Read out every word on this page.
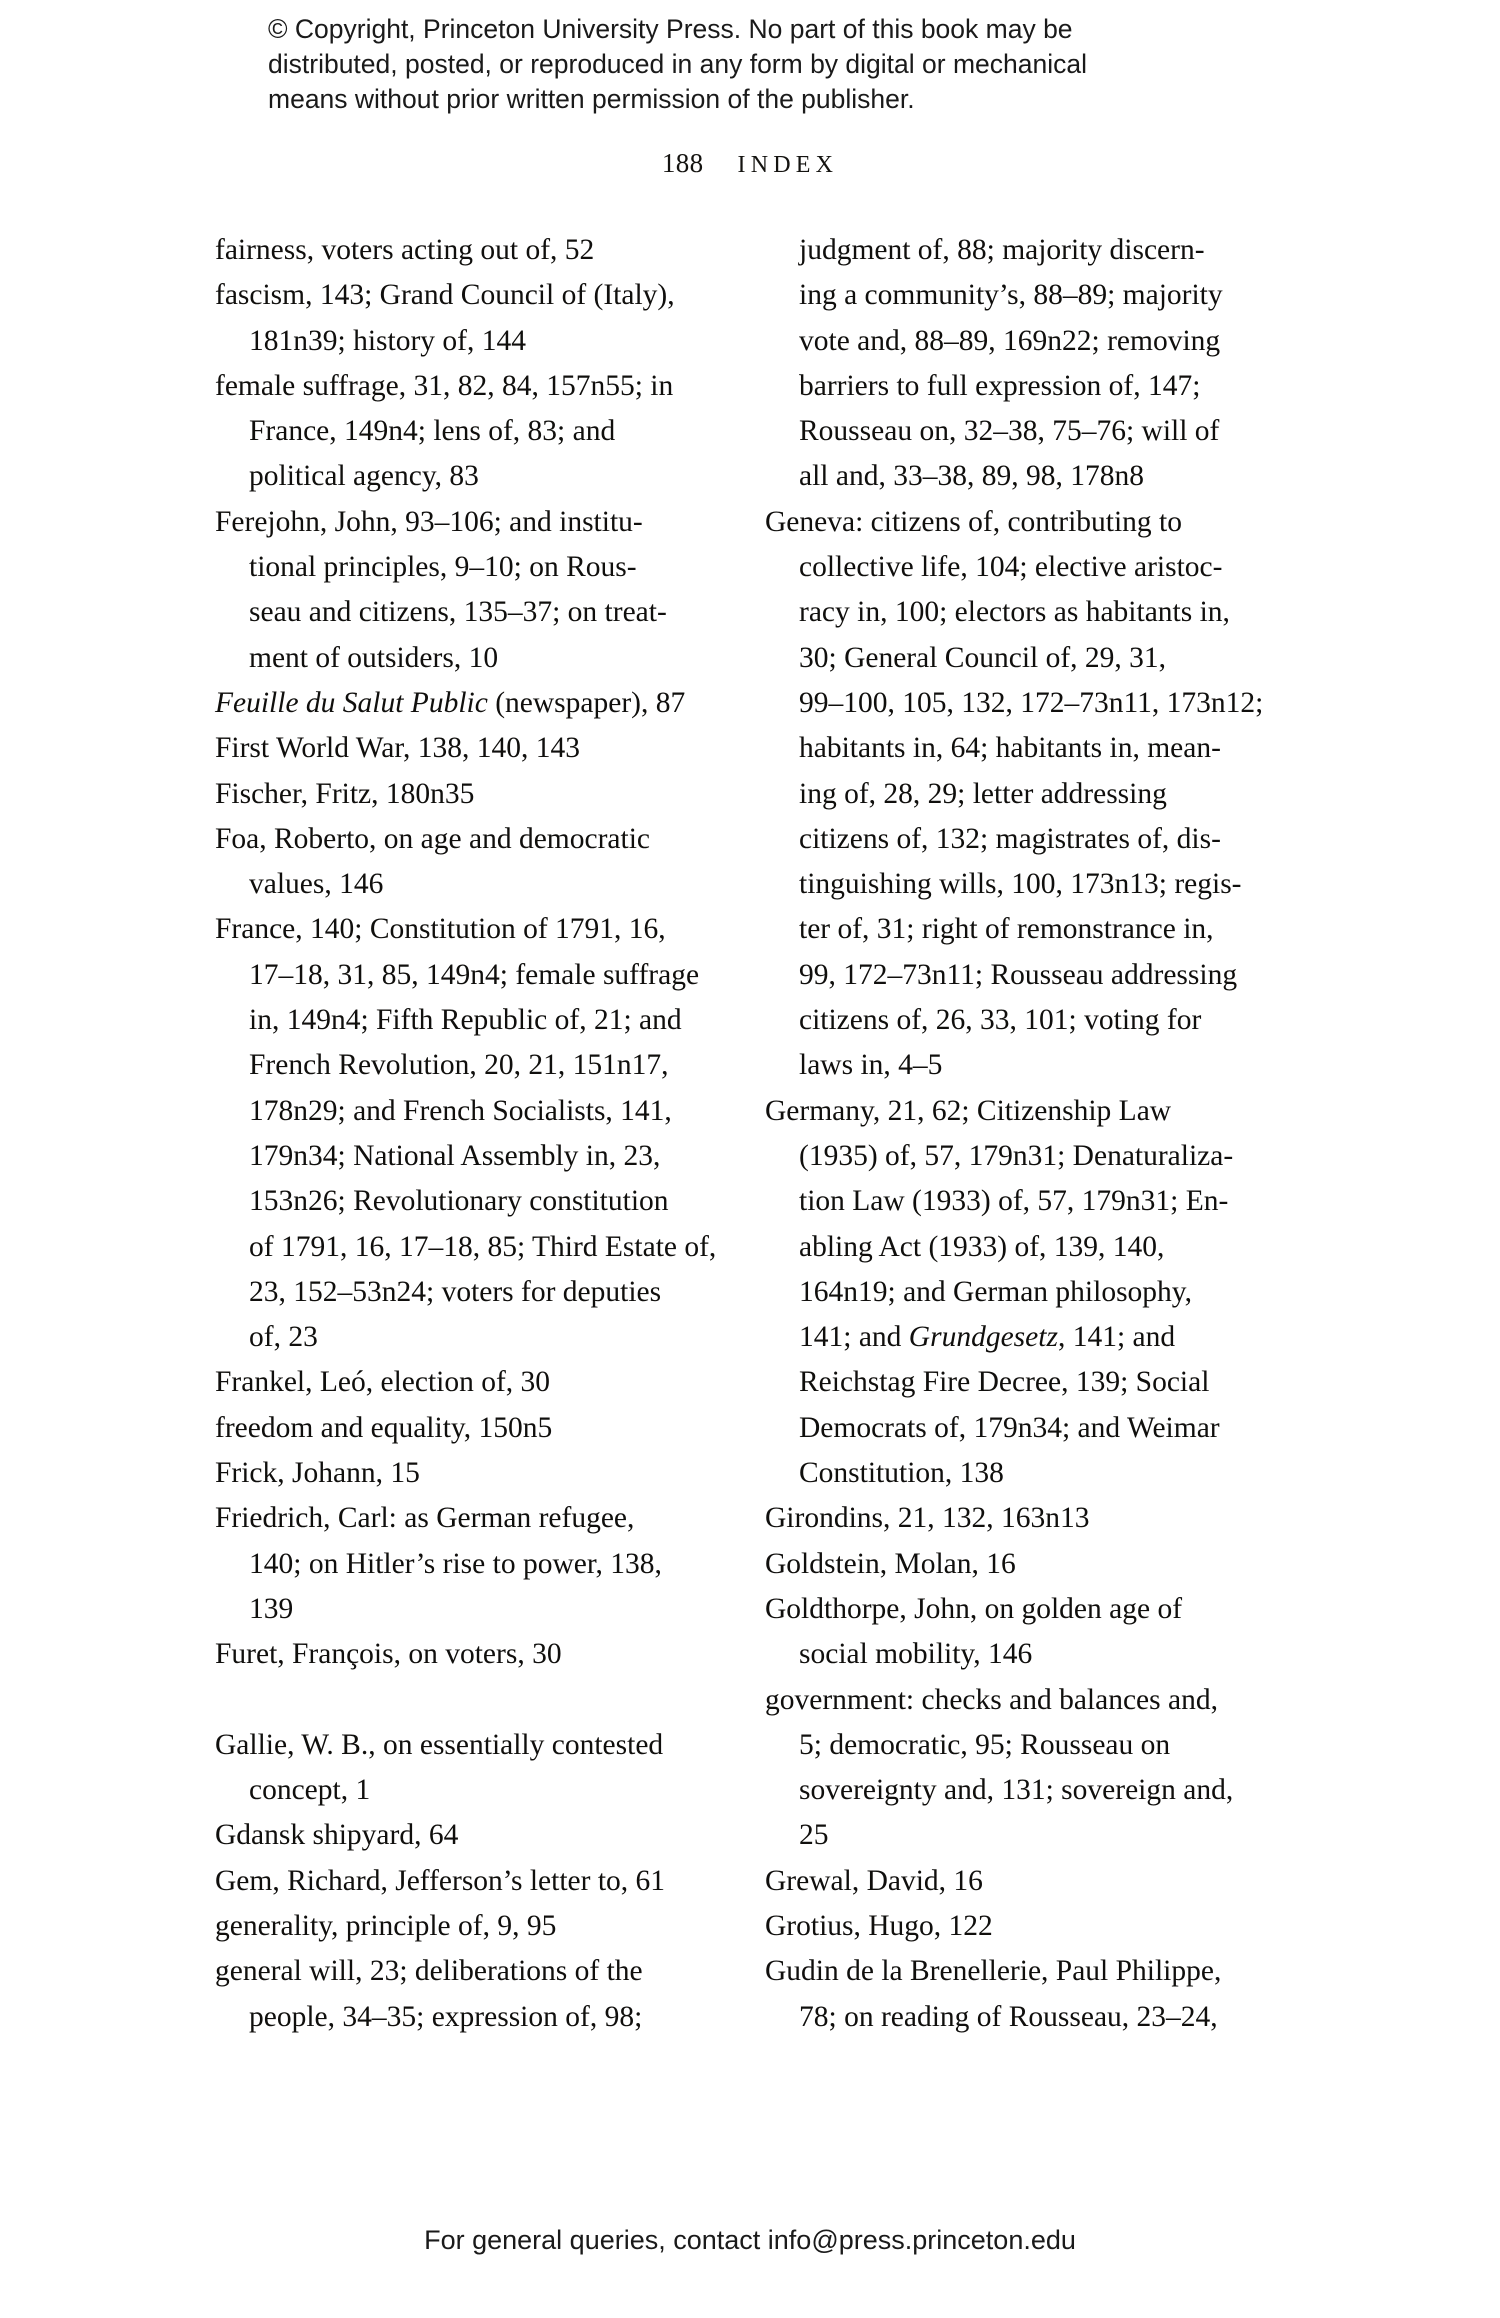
© Copyright, Princeton University Press. No part of this book may be
distributed, posted, or reproduced in any form by digital or mechanical
means without prior written permission of the publisher.
188 INDEX

fairness, voters acting out of, 52

fascism, 143; Grand Council of (Italy),
181n39; history of, 144

female suffrage, 31, 82, 84, 157n55; in
France, 149n4; lens of, 83; and
political agency, 83

Ferejohn, John, 93–106; and institu-
tional principles, 9–10; on Rous-
seau and citizens, 135–37; on treat-
ment of outsiders, 10

Feuille du Salut Public (newspaper), 87

First World War, 138, 140, 143

Fischer, Fritz, 180n35

Foa, Roberto, on age and democratic
values, 146

France, 140; Constitution of 1791, 16,
17–18, 31, 85, 149n4; female suffrage
in, 149n4; Fifth Republic of, 21; and
French Revolution, 20, 21, 151n17,
178n29; and French Socialists, 141,
179n34; National Assembly in, 23,
153n26; Revolutionary constitution
of 1791, 16, 17–18, 85; Third Estate of,
23, 152–53n24; voters for deputies
of, 23

Frankel, Leó, election of, 30

freedom and equality, 150n5

Frick, Johann, 15

Friedrich, Carl: as German refugee,
140; on Hitler’s rise to power, 138,
139

Furet, François, on voters, 30

Gallie, W. B., on essentially contested
concept, 1

Gdansk shipyard, 64

Gem, Richard, Jefferson’s letter to, 61

generality, principle of, 9, 95

general will, 23; deliberations of the
people, 34–35; expression of, 98;

judgment of, 88; majority discern-
ing a community’s, 88–89; majority
vote and, 88–89, 169n22; removing
barriers to full expression of, 147;
Rousseau on, 32–38, 75–76; will of
all and, 33–38, 89, 98, 178n8

Geneva: citizens of, contributing to
collective life, 104; elective aristoc-
racy in, 100; electors as habitants in,
30; General Council of, 29, 31,
99–100, 105, 132, 172–73n11, 173n12;
habitants in, 64; habitants in, mean-
ing of, 28, 29; letter addressing
citizens of, 132; magistrates of, dis-
tinguishing wills, 100, 173n13; regis-
ter of, 31; right of remonstrance in,
99, 172–73n11; Rousseau addressing
citizens of, 26, 33, 101; voting for
laws in, 4–5

Germany, 21, 62; Citizenship Law
(1935) of, 57, 179n31; Denaturaliza-
tion Law (1933) of, 57, 179n31; En-
abling Act (1933) of, 139, 140,
164n19; and German philosophy,
141; and Grundgesetz, 141; and
Reichstag Fire Decree, 139; Social
Democrats of, 179n34; and Weimar
Constitution, 138

Girondins, 21, 132, 163n13

Goldstein, Molan, 16

Goldthorpe, John, on golden age of
social mobility, 146

government: checks and balances and,
5; democratic, 95; Rousseau on
sovereignty and, 131; sovereign and,
25

Grewal, David, 16

Grotius, Hugo, 122

Gudin de la Brenellerie, Paul Philippe,
78; on reading of Rousseau, 23–24,

For general queries, contact info@press.princeton.edu
